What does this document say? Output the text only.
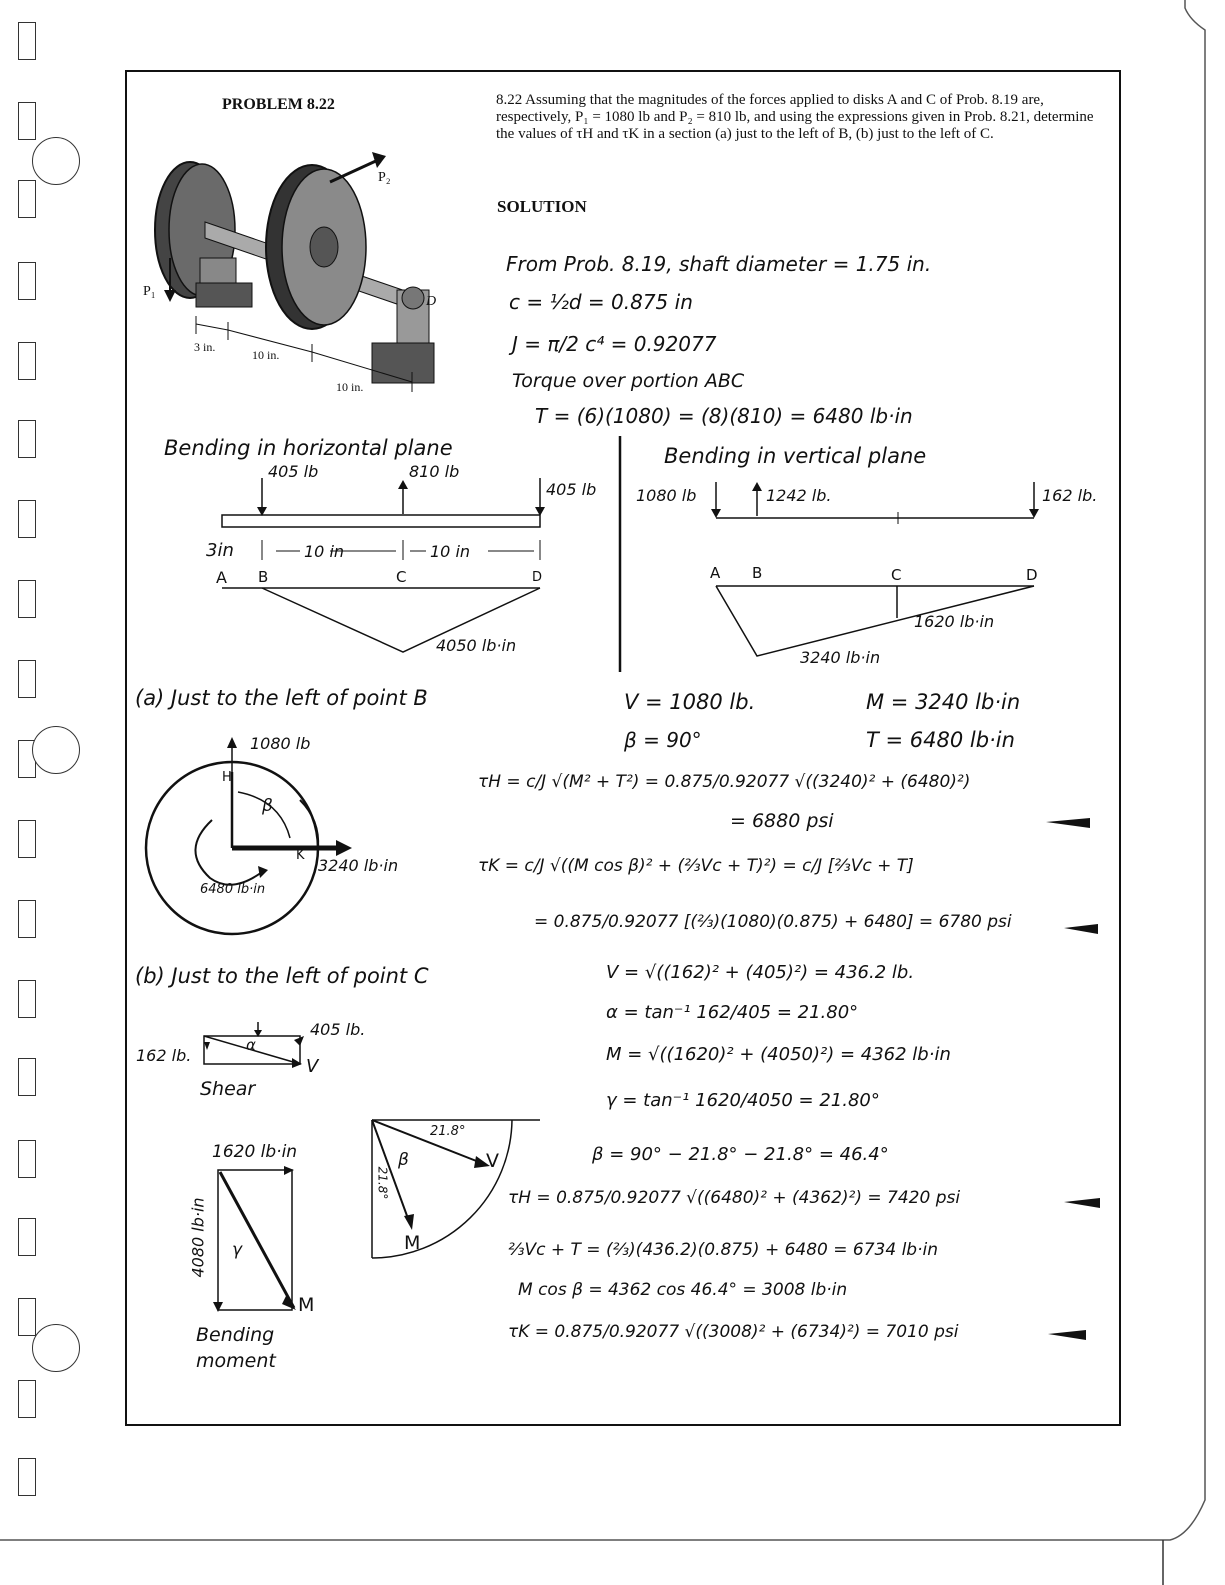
PROBLEM 8.22	8.22 Assuming that the magnitudes of the forces applied to disks A and C of Prob. 8.19 are, respectively, P₁ = 1080 lb and P₂ = 810 lb, and using the expressions given in Prob. 8.21, determine the values of τH and τK in a section (a) just to the left of B, (b) just to the left of C.
SOLUTION
P₁
P₂
D
3 in.
10 in.
10 in.
From Prob. 8.19, shaft diameter = 1.75 in.
c = ½d = 0.875 in
J = π/2 c⁴ = 0.92077
Torque over portion ABC
T = (6)(1080) = (8)(810) = 6480 lb·in
Bending in horizontal plane
405 lb	810 lb
405 lb
3in	10 in	10 in
A B	C	D
4050 lb·in
Bending in vertical plane
1080 lb	1242 lb.	162 lb.
A B	C	D
1620 lb·in
3240 lb·in
(a) Just to the left of point B	V = 1080 lb.	M = 3240 lb·in
β = 90°	T = 6480 lb·in
τH = c/J √(M² + T²) = 0.875/0.92077 √((3240)² + (6480)²)
= 6880 psi
τK = c/J √((M cos β)² + (⅔Vc + T)²) = c/J [⅔Vc + T]
= 0.875/0.92077 [(⅔)(1080)(0.875) + 6480] = 6780 psi
1080 lb
H
K
β
3240 lb·in
6480 lb·in
(b) Just to the left of point C	V = √((162)² + (405)²) = 436.2 lb.
α = tan⁻¹ 162/405 = 21.80°
M = √((1620)² + (4050)²) = 4362 lb·in
γ = tan⁻¹ 1620/4050 = 21.80°
β = 90° − 21.8° − 21.8° = 46.4°
τH = 0.875/0.92077 √((6480)² + (4362)²) = 7420 psi
⅔Vc + T = (⅔)(436.2)(0.875) + 6480 = 6734 lb·in
M cos β = 4362 cos 46.4° = 3008 lb·in
τK = 0.875/0.92077 √((3008)² + (6734)²) = 7010 psi
405 lb.
162 lb.
α
V
Shear
1620 lb·in
4080 lb·in γ
M
Bending
moment
21.8°
21.8°
β	V
M
